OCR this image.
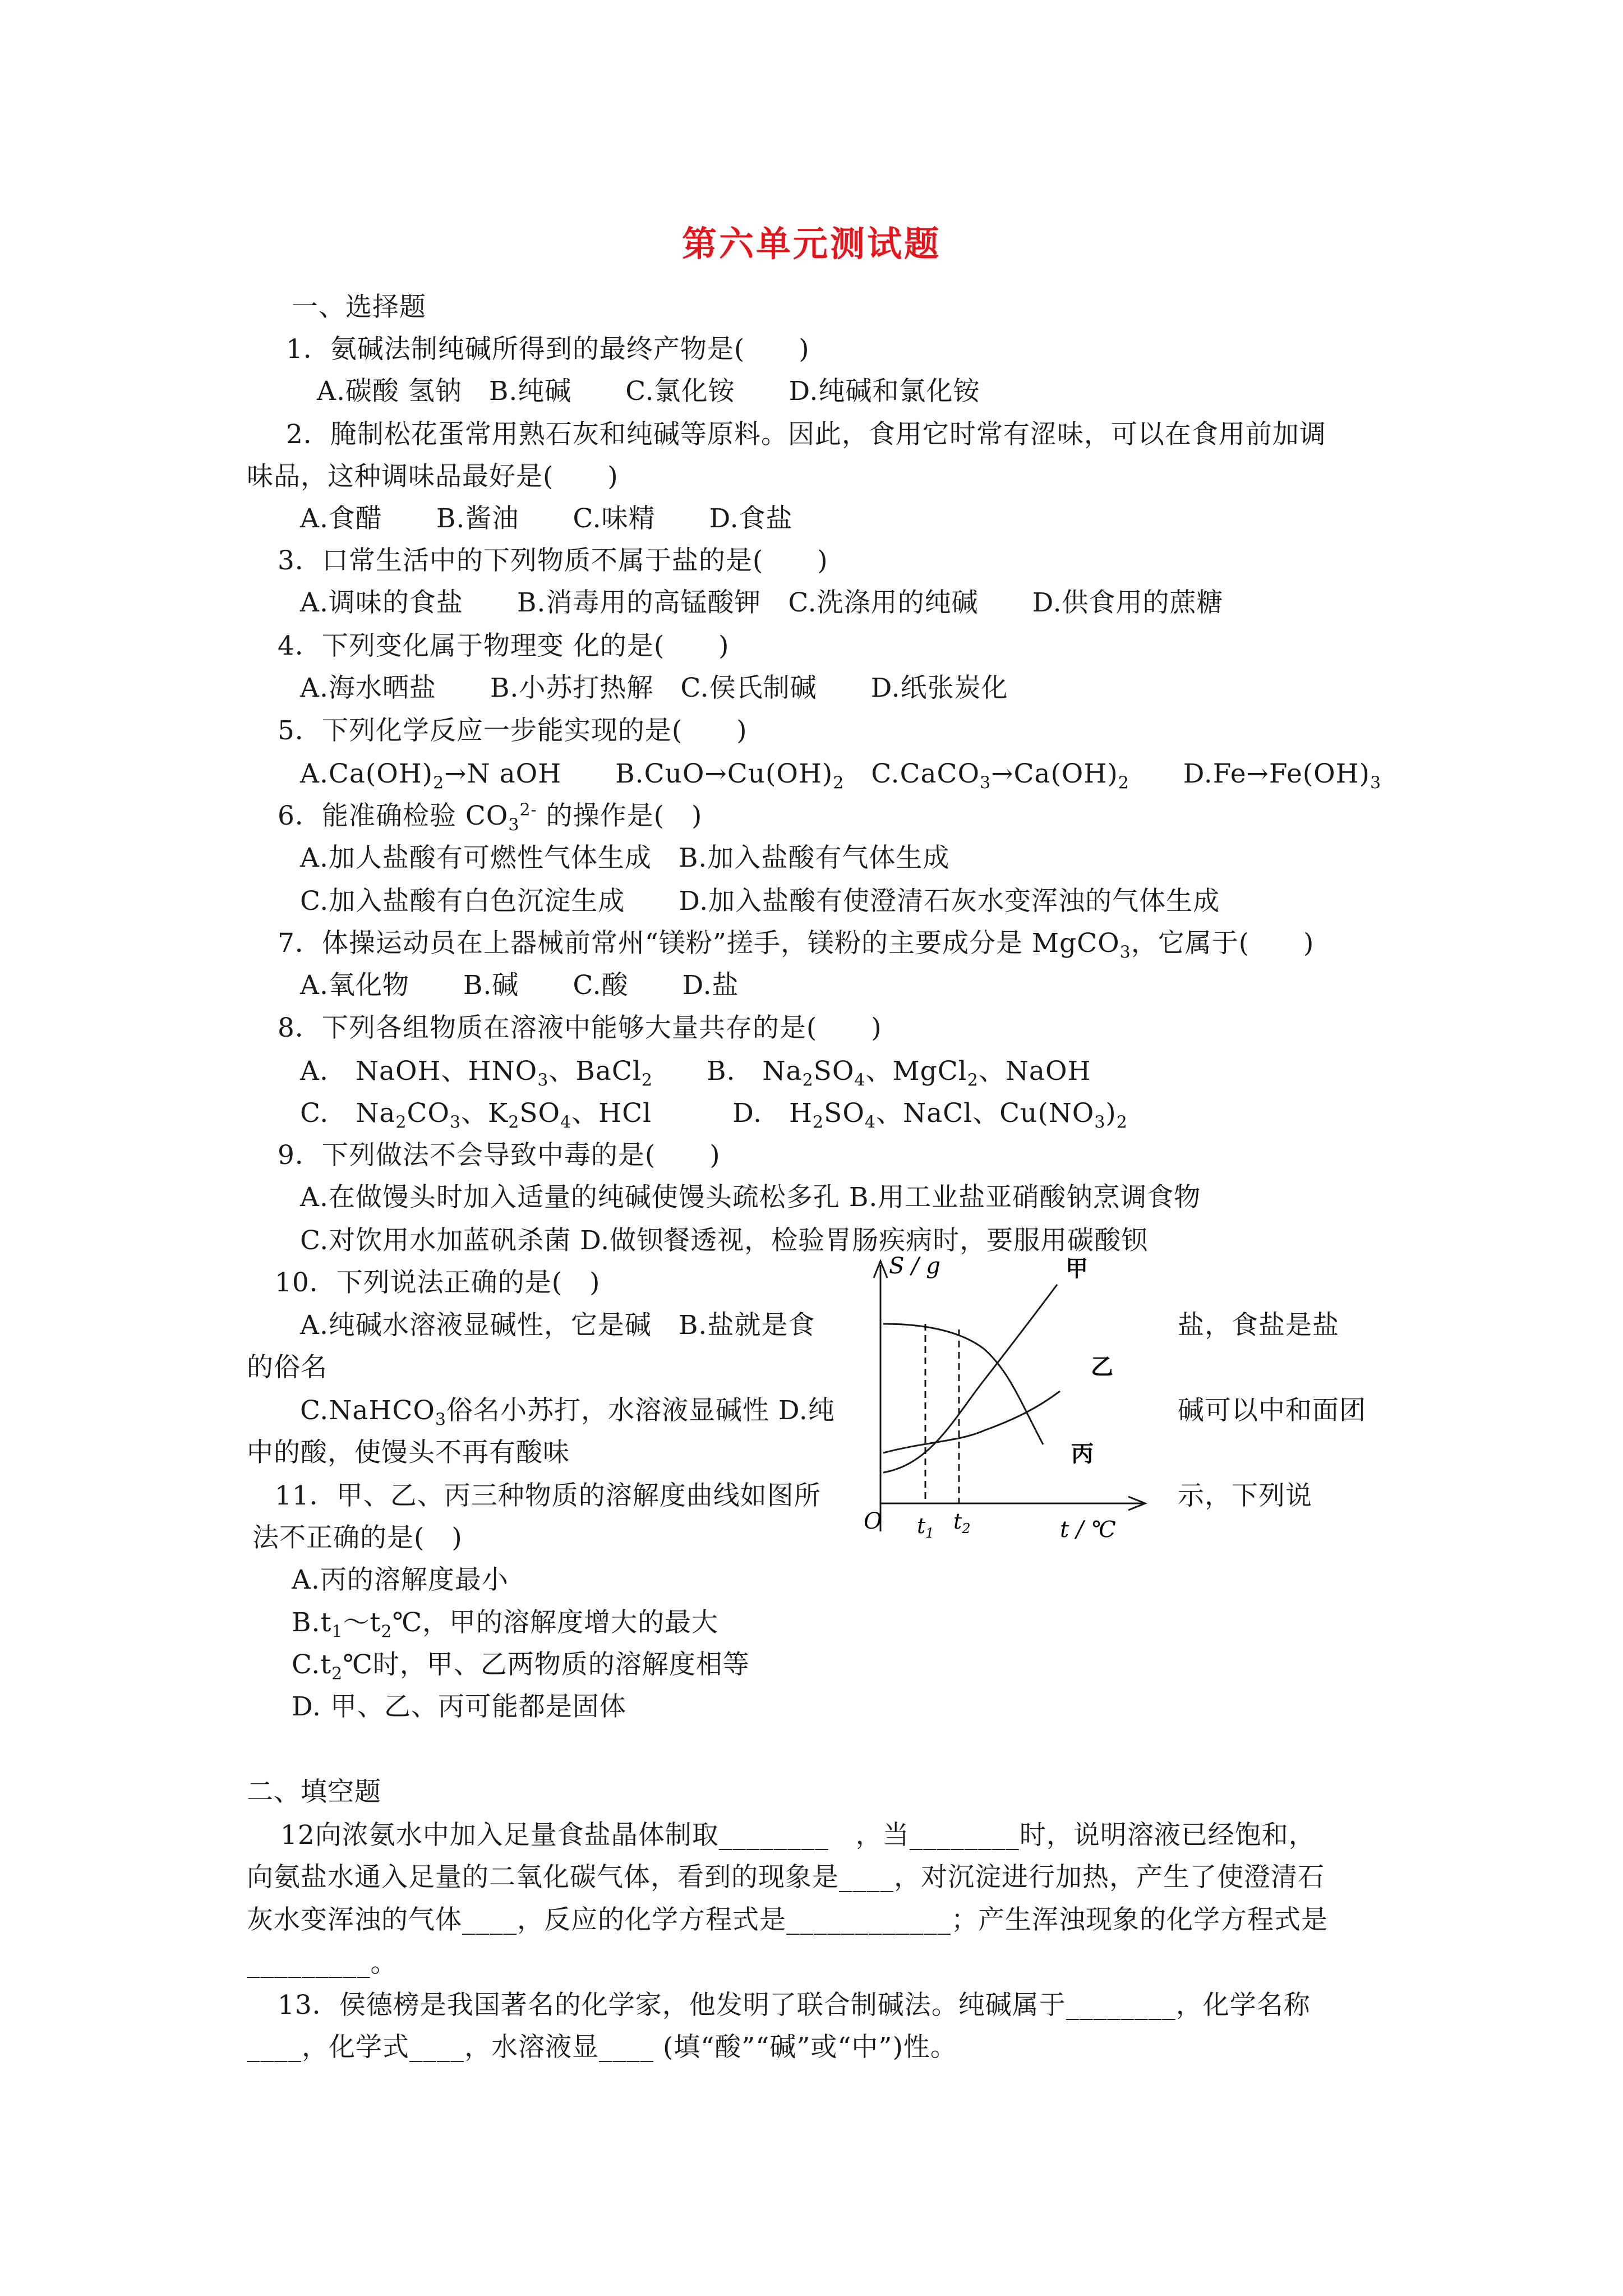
第六单元测试题
一、选择题
1．氨碱法制纯碱所得到的最终产物是(　　)
A.碳酸 氢钠　B.纯碱　　C.氯化铵　　D.纯碱和氯化铵
2．腌制松花蛋常用熟石灰和纯碱等原料。因此，食用它时常有涩味，可以在食用前加调
味品，这种调味品最好是(　　)
A.食醋　　B.酱油　　C.味精　　D.食盐
3．口常生活中的下列物质不属于盐的是(　　)
A.调味的食盐　　B.消毒用的高锰酸钾　C.洗涤用的纯碱　　D.供食用的蔗糖
4．下列变化属于物理变 化的是(　　)
A.海水晒盐　　B.小苏打热解　C.侯氏制碱　　D.纸张炭化
5．下列化学反应一步能实现的是(　　)
$A.Ca(OH)_2\to N$ aOH　　$B.CuO\to Cu(OH)_2$　$C.CaCO_3\to Ca(OH)_2$　　$D.Fe\to Fe(OH)_3$
6．能准确检验 $CO_3^{2-}$ 的操作是(　)
A.加人盐酸有可燃性气体生成　B.加入盐酸有气体生成
C.加入盐酸有白色沉淀生成　　D.加入盐酸有使澄清石灰水变浑浊的气体生成
7．体操运动员在上器械前常州“镁粉”搓手，镁粉的主要成分是 MgCO$_3$，它属于(　　)
A.氧化物　　B.碱　　C.酸　　D.盐
8．下列各组物质在溶液中能够大量共存的是(　　)
A.　NaOH、$HNO_3$、BaCl$_2$　　B.　$Na_2SO_4$、MgCl$_2$、NaOH
C.　$Na_2CO_3$、$K_2SO_4$、HCl　　　D.　$H_2SO_4$、NaCl、$Cu(NO_3)_2$
9．下列做法不会导致中毒的是(　　)
A.在做馒头时加入适量的纯碱使馒头疏松多孔 B.用工业盐亚硝酸钠烹调食物
C.对饮用水加蓝矾杀菌 D.做钡餐透视，检验胃肠疾病时，要服用碳酸钡
10．下列说法正确的是(　)
A.纯碱水溶液显碱性，它是碱　B.盐就是食	盐，食盐是盐
的俗名
C.NaHCO$_3$俗名小苏打，水溶液显碱性 D.纯	碱可以中和面团
中的酸，使馒头不再有酸味
11．甲、乙、丙三种物质的溶解度曲线如图所	示，下列说
法不正确的是(　)
A.丙的溶解度最小
$B.t_1\sim t_2℃$，甲的溶解度增大的最大
$C.t_2℃$时，甲、乙两物质的溶解度相等
D. 甲、乙、丙可能都是固体
S / g
t / ℃
O $t_1$ $t_2$
甲
乙
丙
二、填空题
12向浓氨水中加入足量食盐晶体制取________　，当________时，说明溶液已经饱和，
向氨盐水通入足量的二氧化碳气体，看到的现象是____，对沉淀进行加热，产生了使澄清石
灰水变浑浊的气体____，反应的化学方程式是____________；产生浑浊现象的化学方程式是
_________。
13．侯德榜是我国著名的化学家，他发明了联合制碱法。纯碱属于________，化学名称
____，化学式____，水溶液显____ (填“酸”“碱”或“中”)性。
